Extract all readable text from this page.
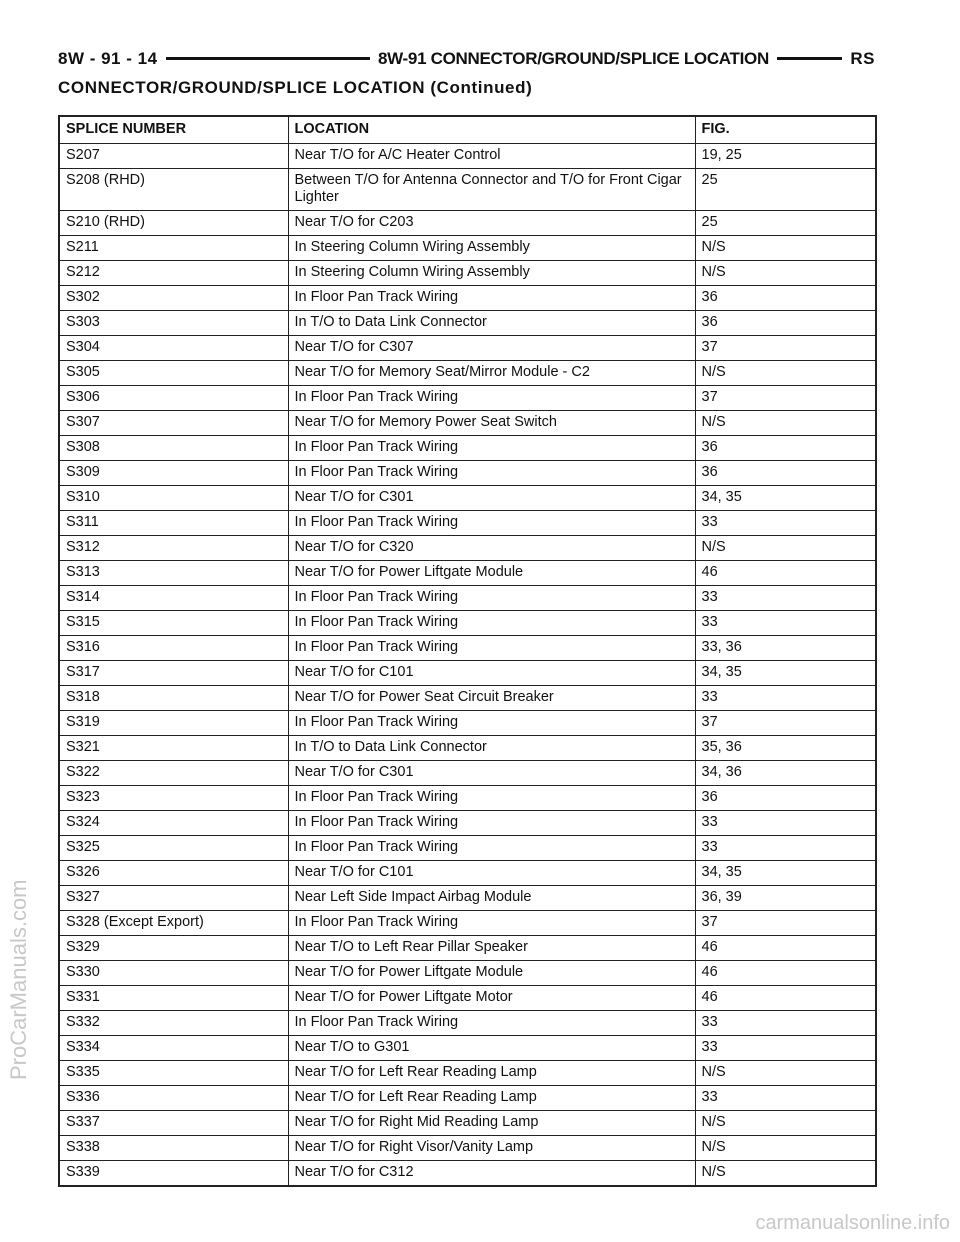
8W - 91 - 14	8W-91 CONNECTOR/GROUND/SPLICE LOCATION	RS
CONNECTOR/GROUND/SPLICE LOCATION (Continued)
SPLICE NUMBER	LOCATION	FIG.
S207	Near T/O for A/C Heater Control	19, 25
S208 (RHD)	Between T/O for Antenna Connector and T/O for Front Cigar Lighter	25
S210 (RHD)	Near T/O for C203	25
S211	In Steering Column Wiring Assembly	N/S
S212	In Steering Column Wiring Assembly	N/S
S302	In Floor Pan Track Wiring	36
S303	In T/O to Data Link Connector	36
S304	Near T/O for C307	37
S305	Near T/O for Memory Seat/Mirror Module - C2	N/S
S306	In Floor Pan Track Wiring	37
S307	Near T/O for Memory Power Seat Switch	N/S
S308	In Floor Pan Track Wiring	36
S309	In Floor Pan Track Wiring	36
S310	Near T/O for C301	34, 35
S311	In Floor Pan Track Wiring	33
S312	Near T/O for C320	N/S
S313	Near T/O for Power Liftgate Module	46
S314	In Floor Pan Track Wiring	33
S315	In Floor Pan Track Wiring	33
S316	In Floor Pan Track Wiring	33, 36
S317	Near T/O for C101	34, 35
S318	Near T/O for Power Seat Circuit Breaker	33
S319	In Floor Pan Track Wiring	37
S321	In T/O to Data Link Connector	35, 36
S322	Near T/O for C301	34, 36
S323	In Floor Pan Track Wiring	36
S324	In Floor Pan Track Wiring	33
S325	In Floor Pan Track Wiring	33
S326	Near T/O for C101	34, 35
S327	Near Left Side Impact Airbag Module	36, 39
S328 (Except Export)	In Floor Pan Track Wiring	37
S329	Near T/O to Left Rear Pillar Speaker	46
S330	Near T/O for Power Liftgate Module	46
S331	Near T/O for Power Liftgate Motor	46
S332	In Floor Pan Track Wiring	33
S334	Near T/O to G301	33
S335	Near T/O for Left Rear Reading Lamp	N/S
S336	Near T/O for Left Rear Reading Lamp	33
S337	Near T/O for Right Mid Reading Lamp	N/S
S338	Near T/O for Right Visor/Vanity Lamp	N/S
S339	Near T/O for C312	N/S
ProCarManuals.com
carmanualsonline.info
